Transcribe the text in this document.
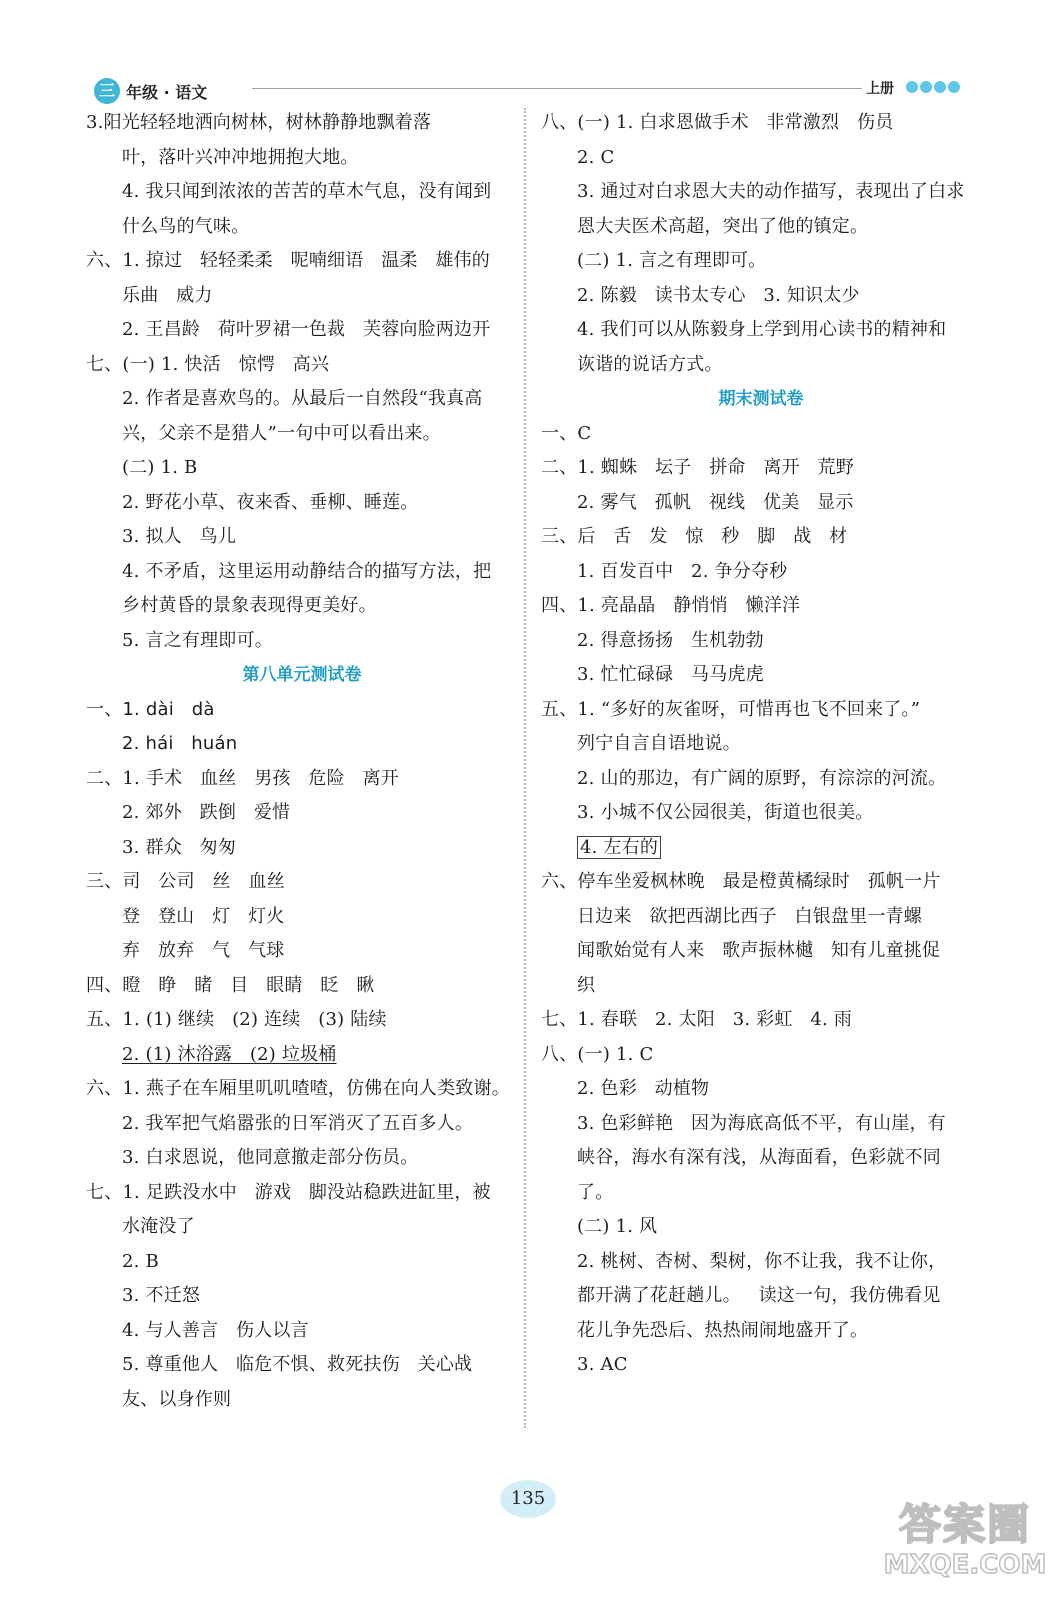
三 年级 · 语文	上册
3.阳光轻轻地洒向树林，树林静静地飘着落
叶，落叶兴冲冲地拥抱大地。
4. 我只闻到浓浓的苦苦的草木气息，没有闻到
什么鸟的气味。
六、1. 掠过   轻轻柔柔   呢喃细语   温柔   雄伟的
乐曲   威力
2. 王昌龄   荷叶罗裙一色裁   芙蓉向脸两边开
七、(一) 1. 快活   惊愕   高兴
2. 作者是喜欢鸟的。从最后一自然段“我真高
兴，父亲不是猎人”一句中可以看出来。
(二) 1. B
2. 野花小草、夜来香、垂柳、睡莲。
3. 拟人   鸟儿
4. 不矛盾，这里运用动静结合的描写方法，把
乡村黄昏的景象表现得更美好。
5. 言之有理即可。
第八单元测试卷
一、1. dài   dà
2. hái   huán
二、1. 手术   血丝   男孩   危险   离开
2. 郊外   跌倒   爱惜
3. 群众   匆匆
三、司   公司   丝   血丝
登   登山   灯   灯火
弃   放弃   气   气球
四、瞪   睁   睹   目   眼睛   眨   瞅
五、1. (1) 继续   (2) 连续   (3) 陆续
2. (1) 沐浴露   (2) 垃圾桶
六、1. 燕子在车厢里叽叽喳喳，仿佛在向人类致谢。
2. 我军把气焰嚣张的日军消灭了五百多人。
3. 白求恩说，他同意撤走部分伤员。
七、1. 足跌没水中   游戏   脚没站稳跌进缸里，被
水淹没了
2. B
3. 不迁怒
4. 与人善言   伤人以言
5. 尊重他人   临危不惧、救死扶伤   关心战
友、以身作则
八、(一) 1. 白求恩做手术   非常激烈   伤员
2. C
3. 通过对白求恩大夫的动作描写，表现出了白求
恩大夫医术高超，突出了他的镇定。
(二) 1. 言之有理即可。
2. 陈毅   读书太专心   3. 知识太少
4. 我们可以从陈毅身上学到用心读书的精神和
诙谐的说话方式。
期末测试卷
一、C
二、1. 蜘蛛   坛子   拼命   离开   荒野
2. 雾气   孤帆   视线   优美   显示
三、后   舌   发   惊   秒   脚   战   材
1. 百发百中   2. 争分夺秒
四、1. 亮晶晶   静悄悄   懒洋洋
2. 得意扬扬   生机勃勃
3. 忙忙碌碌   马马虎虎
五、1. “多好的灰雀呀，可惜再也飞不回来了。”
列宁自言自语地说。
2. 山的那边，有广阔的原野，有淙淙的河流。
3. 小城不仅公园很美，街道也很美。
4. 左右的
六、停车坐爱枫林晚   最是橙黄橘绿时   孤帆一片
日边来   欲把西湖比西子   白银盘里一青螺
闻歌始觉有人来   歌声振林樾   知有儿童挑促
织
七、1. 春联   2. 太阳   3. 彩虹   4. 雨
八、(一) 1. C
2. 色彩   动植物
3. 色彩鲜艳   因为海底高低不平，有山崖，有
峡谷，海水有深有浅，从海面看，色彩就不同
了。
(二) 1. 风
2. 桃树、杏树、梨树，你不让我，我不让你，
都开满了花赶趟儿。   读这一句，我仿佛看见
花儿争先恐后、热热闹闹地盛开了。
3. AC
135
答案圈
MXQE.COM
